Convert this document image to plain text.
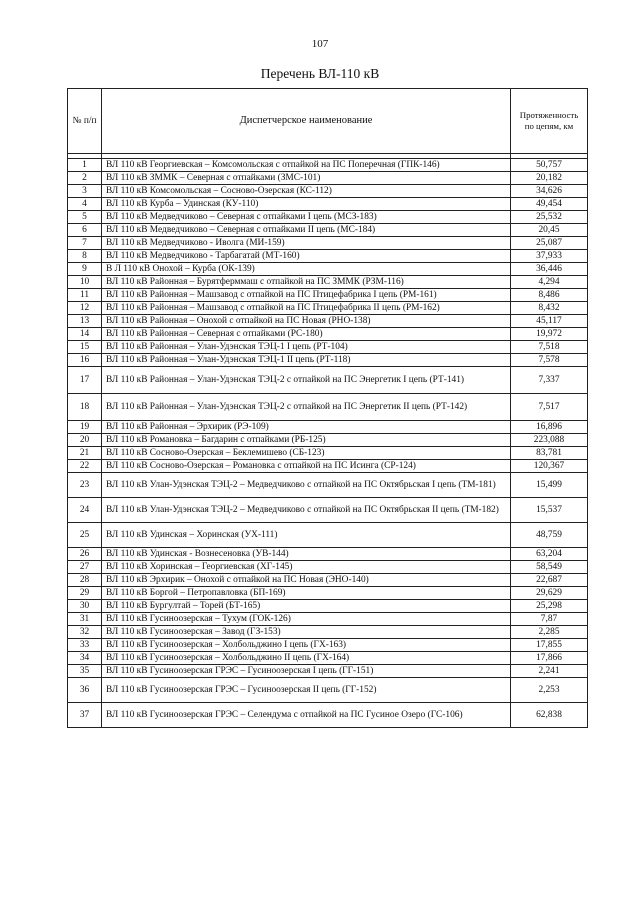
107
Перечень ВЛ-110 кВ
№ п/п	Диспетчерское наименование	Протяженность по цепям, км

1	ВЛ 110 кВ Георгиевская – Комсомольская с отпайкой на ПС Поперечная (ГПК-146)	50,757
2	ВЛ 110 кВ ЗММК – Северная с отпайками (ЗМС-101)	20,182
3	ВЛ 110 кВ Комсомольская – Сосново-Озерская (КС-112)	34,626
4	ВЛ 110 кВ Курба – Удинская (КУ-110)	49,454
5	ВЛ 110 кВ Медведчиково – Северная с отпайками I цепь (МСЗ-183)	25,532
6	ВЛ 110 кВ Медведчиково – Северная с отпайками II цепь (МС-184)	20,45
7	ВЛ 110 кВ Медведчиково - Иволга (МИ-159)	25,087
8	ВЛ 110 кВ Медведчиково - Тарбагатай (МТ-160)	37,933
9	В Л 110 кВ Онохой – Курба (ОК-139)	36,446
10	ВЛ 110 кВ Районная – Бурятферммаш с отпайкой на ПС ЗММК (РЗМ-116)	4,294
11	ВЛ 110 кВ Районная – Машзавод с отпайкой на ПС Птицефабрика I цепь (РМ-161)	8,486
12	ВЛ 110 кВ Районная – Машзавод с отпайкой на ПС Птицефабрика II цепь (РМ-162)	8,432
13	ВЛ 110 кВ Районная – Онохой с отпайкой на ПС Новая (РНО-138)	45,117
14	ВЛ 110 кВ Районная – Северная с отпайками (РС-180)	19,972
15	ВЛ 110 кВ Районная – Улан-Удэнская ТЭЦ-1 I цепь (РТ-104)	7,518
16	ВЛ 110 кВ Районная – Улан-Удэнская ТЭЦ-1 II цепь (РТ-118)	7,578
17	ВЛ 110 кВ Районная – Улан-Удэнская ТЭЦ-2 с отпайкой на ПС Энергетик I цепь (РТ-141)	7,337
18	ВЛ 110 кВ Районная – Улан-Удэнская ТЭЦ-2 с отпайкой на ПС Энергетик II цепь (РТ-142)	7,517
19	ВЛ 110 кВ Районная – Эрхирик (РЭ-109)	16,896
20	ВЛ 110 кВ Романовка – Багдарин с отпайками (РБ-125)	223,088
21	ВЛ 110 кВ Сосново-Озерская – Беклемишево (СБ-123)	83,781
22	ВЛ 110 кВ Сосново-Озерская – Романовка с отпайкой на ПС Исинга (СР-124)	120,367
23	ВЛ 110 кВ Улан-Удэнская ТЭЦ-2 – Медведчиково с отпайкой на ПС Октябрьская I цепь (ТМ-181)	15,499
24	ВЛ 110 кВ Улан-Удэнская ТЭЦ-2 – Медведчиково с отпайкой на ПС Октябрьская II цепь (ТМ-182)	15,537
25	ВЛ 110 кВ Удинская – Хоринская (УХ-111)	48,759
26	ВЛ 110 кВ Удинская - Вознесеновка (УВ-144)	63,204
27	ВЛ 110 кВ Хоринская – Георгиевская (ХГ-145)	58,549
28	ВЛ 110 кВ Эрхирик – Онохой с отпайкой на ПС Новая (ЭНО-140)	22,687
29	ВЛ 110 кВ Боргой – Петропавловка (БП-169)	29,629
30	ВЛ 110 кВ Бургултай – Торей (БТ-165)	25,298
31	ВЛ 110 кВ Гусиноозерская – Тухум (ГОК-126)	7,87
32	ВЛ 110 кВ Гусиноозерская – Завод (ГЗ-153)	2,285
33	ВЛ 110 кВ Гусиноозерская – Холбольджино I цепь (ГХ-163)	17,855
34	ВЛ 110 кВ Гусиноозерская – Холбольджино II цепь (ГХ-164)	17,866
35	ВЛ 110 кВ Гусиноозерская ГРЭС – Гусиноозерская I цепь (ГГ-151)	2,241
36	ВЛ 110 кВ Гусиноозерская ГРЭС – Гусиноозерская II цепь (ГГ-152)	2,253
37	ВЛ 110 кВ Гусиноозерская ГРЭС – Селендума с отпайкой на ПС Гусиное Озеро (ГС-106)	62,838
